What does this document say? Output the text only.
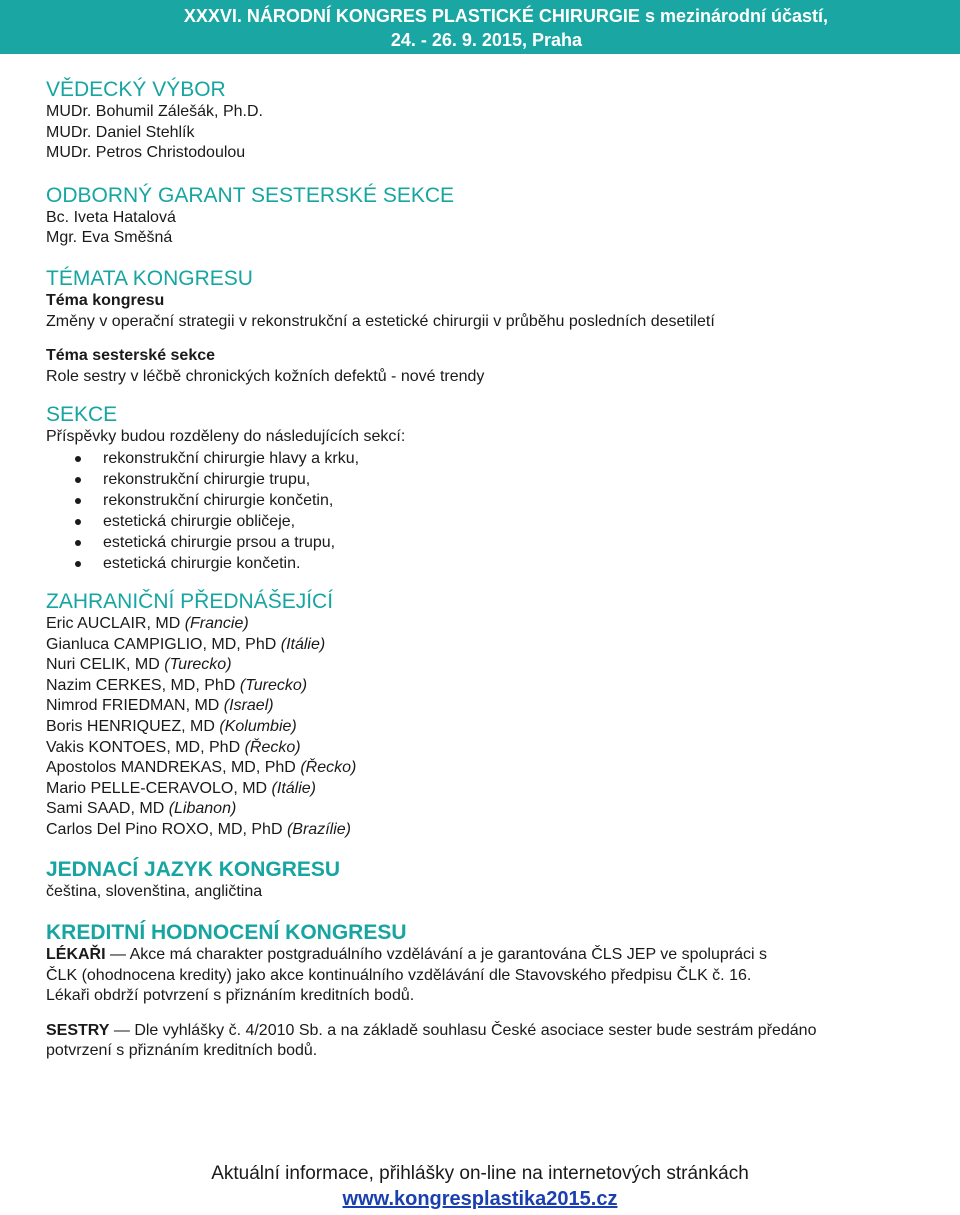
XXXVI. NÁRODNÍ KONGRES PLASTICKÉ CHIRURGIE s mezinárodní účastí,
24. - 26. 9. 2015, Praha
VĚDECKÝ VÝBOR

MUDr. Bohumil Zálešák, Ph.D.

MUDr. Daniel Stehlík

MUDr. Petros Christodoulou

ODBORNÝ GARANT SESTERSKÉ SEKCE

Bc. Iveta Hatalová

Mgr. Eva Směšná

TÉMATA KONGRESU

Téma kongresu

Změny v operační strategii v rekonstrukční a estetické chirurgii v průběhu posledních desetiletí

Téma sesterské sekce

Role sestry v léčbě chronických kožních defektů - nové trendy

SEKCE

Příspěvky budou rozděleny do následujících sekcí:

rekonstrukční chirurgie hlavy a krku,
rekonstrukční chirurgie trupu,
rekonstrukční chirurgie končetin,
estetická chirurgie obličeje,
estetická chirurgie prsou a trupu,
estetická chirurgie končetin.
ZAHRANIČNÍ PŘEDNÁŠEJÍCÍ

Eric AUCLAIR, MD (Francie)

Gianluca CAMPIGLIO, MD, PhD (Itálie)

Nuri CELIK, MD (Turecko)

Nazim CERKES, MD, PhD (Turecko)

Nimrod FRIEDMAN, MD (Israel)

Boris HENRIQUEZ, MD (Kolumbie)

Vakis KONTOES, MD, PhD (Řecko)

Apostolos MANDREKAS, MD, PhD (Řecko)

Mario PELLE-CERAVOLO, MD (Itálie)

Sami SAAD, MD (Libanon)

Carlos Del Pino ROXO, MD, PhD (Brazílie)

JEDNACÍ JAZYK KONGRESU

čeština, slovenština, angličtina

KREDITNÍ HODNOCENÍ KONGRESU

LÉKAŘI — Akce má charakter postgraduálního vzdělávání a je garantována ČLS JEP ve spolupráci s

ČLK (ohodnocena kredity) jako akce kontinuálního vzdělávání dle Stavovského předpisu ČLK č. 16.

Lékaři obdrží potvrzení s přiznáním kreditních bodů.

SESTRY — Dle vyhlášky č. 4/2010 Sb. a na základě souhlasu České asociace sester bude sestrám předáno

potvrzení s přiznáním kreditních bodů.

Aktuální informace, přihlášky on-line na internetových stránkách
www.kongresplastika2015.cz
